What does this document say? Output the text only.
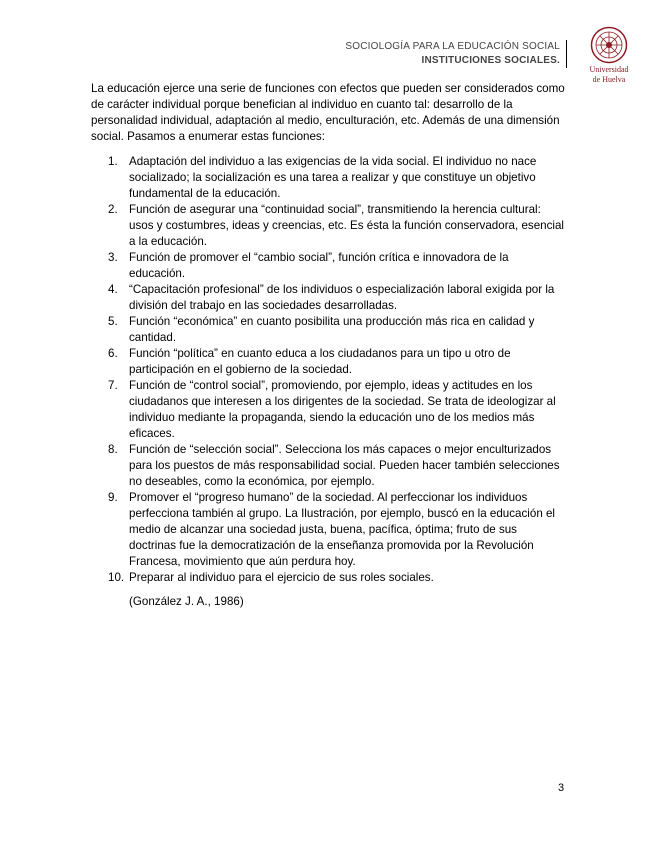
SOCIOLOGÍA PARA LA EDUCACIÓN SOCIAL
INSTITUCIONES SOCIALES.
Universidad
de Huelva

La educación ejerce una serie de funciones con efectos que pueden ser considerados como de carácter individual porque benefician al individuo en cuanto tal: desarrollo de la personalidad individual, adaptación al medio, enculturación, etc. Además de una dimensión social. Pasamos a enumerar estas funciones:

1. Adaptación del individuo a las exigencias de la vida social. El individuo no nace socializado; la socialización es una tarea a realizar y que constituye un objetivo fundamental de la educación.
2. Función de asegurar una “continuidad social”, transmitiendo la herencia cultural: usos y costumbres, ideas y creencias, etc. Es ésta la función conservadora, esencial a la educación.
3. Función de promover el “cambio social”, función crítica e innovadora de la educación.
4. “Capacitación profesional” de los individuos o especialización laboral exigida por la división del trabajo en las sociedades desarrolladas.
5. Función “económica” en cuanto posibilita una producción más rica en calidad y cantidad.
6. Función “política” en cuanto educa a los ciudadanos para un tipo u otro de participación en el gobierno de la sociedad.
7. Función de “control social”, promoviendo, por ejemplo, ideas y actitudes en los ciudadanos que interesen a los dirigentes de la sociedad. Se trata de ideologizar al individuo mediante la propaganda, siendo la educación uno de los medios más eficaces.
8. Función de “selección social”. Selecciona los más capaces o mejor enculturizados para los puestos de más responsabilidad social. Pueden hacer también selecciones no deseables, como la económica, por ejemplo.
9. Promover el “progreso humano” de la sociedad. Al perfeccionar los individuos perfecciona también al grupo. La Ilustración, por ejemplo, buscó en la educación el medio de alcanzar una sociedad justa, buena, pacífica, óptima; fruto de sus doctrinas fue la democratización de la enseñanza promovida por la Revolución Francesa, movimiento que aún perdura hoy.
10. Preparar al individuo para el ejercicio de sus roles sociales.

(González J. A., 1986)

3
